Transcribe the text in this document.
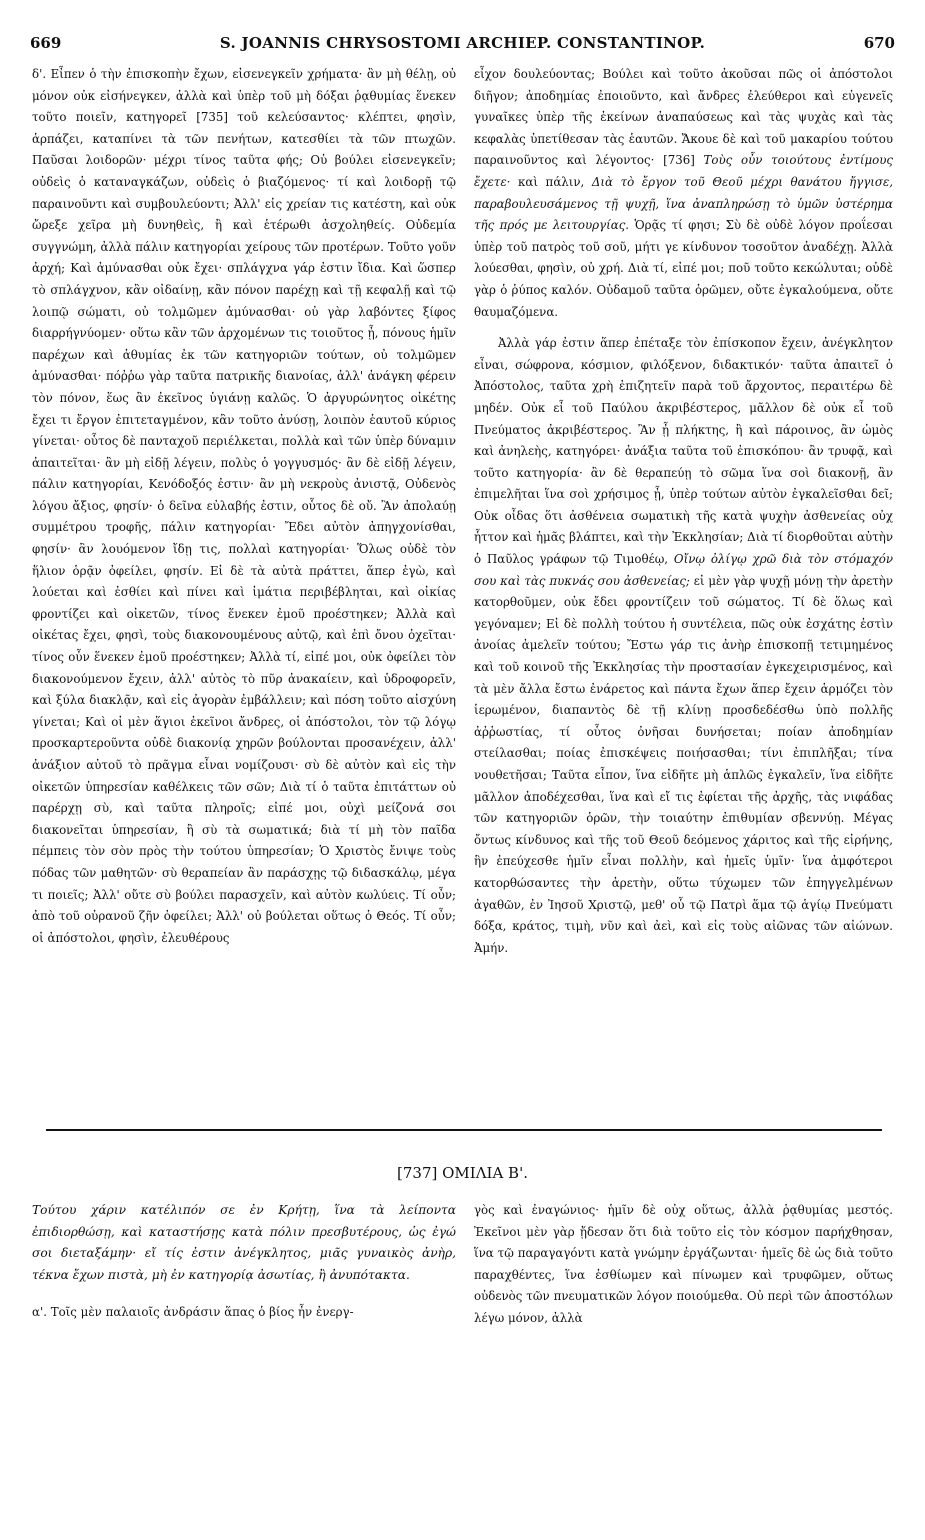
669	S. JOANNIS CHRYSOSTOMI ARCHIEP. CONSTANTINOP.	670

δ'. Εἶπεν ὁ τὴν ἐπισκοπὴν ἔχων, εἰσενεγκεῖν χρήματα· ἂν μὴ θέλῃ, οὐ μόνον οὐκ εἰσήνεγκεν, ἀλλὰ καὶ ὑπὲρ τοῦ μὴ δόξαι ῥᾳθυμίας ἕνεκεν τοῦτο ποιεῖν, κατηγορεῖ [735] τοῦ κελεύσαντος· κλέπτει, φησὶν, ἁρπάζει, καταπίνει τὰ τῶν πενήτων, κατεσθίει τὰ τῶν πτωχῶν. Παῦσαι λοιδορῶν· μέχρι τίνος ταῦτα φής; Οὐ βούλει εἰσενεγκεῖν; οὐδεὶς ὁ καταναγκάζων, οὐδεὶς ὁ βιαζόμενος· τί καὶ λοιδορῇ τῷ παραινοῦντι καὶ συμβουλεύοντι; Ἀλλ' εἰς χρείαν τις κατέστη, καὶ οὐκ ὤρεξε χεῖρα μὴ δυνηθεὶς, ἢ καὶ ἑτέρωθι ἀσχοληθείς. Οὐδεμία συγγνώμη, ἀλλὰ πάλιν κατηγορίαι χείρους τῶν προτέρων. Τοῦτο γοῦν ἀρχή; Καὶ ἀμύνασθαι οὐκ ἔχει· σπλάγχνα γάρ ἐστιν ἴδια. Καὶ ὥσπερ τὸ σπλάγχνον, κἂν οἰδαίνῃ, κἂν πόνον παρέχῃ καὶ τῇ κεφαλῇ καὶ τῷ λοιπῷ σώματι, οὐ τολμῶμεν ἀμύνασθαι· οὐ γὰρ λαβόντες ξίφος διαρρήγνύομεν· οὕτω κἂν τῶν ἀρχομένων τις τοιοῦτος ᾖ, πόνους ἡμῖν παρέχων καὶ ἀθυμίας ἐκ τῶν κατηγοριῶν τούτων, οὐ τολμῶμεν ἀμύνασθαι· πόῤῥω γὰρ ταῦτα πατρικῆς διανοίας, ἀλλ' ἀνάγκη φέρειν τὸν πόνον, ἕως ἂν ἐκεῖνος ὑγιάνῃ καλῶς. Ὁ ἀργυρώνητος οἰκέτης ἔχει τι ἔργον ἐπιτεταγμένον, κἂν τοῦτο ἀνύσῃ, λοιπὸν ἑαυτοῦ κύριος γίνεται· οὗτος δὲ πανταχοῦ περιέλκεται, πολλὰ καὶ τῶν ὑπὲρ δύναμιν ἀπαιτεῖται· ἂν μὴ εἰδῇ λέγειν, πολὺς ὁ γογγυσμός· ἂν δὲ εἰδῇ λέγειν, πάλιν κατηγορίαι, Κενόδοξός ἐστιν· ἂν μὴ νεκροὺς ἀνιστᾷ, Οὐδενὸς λόγου ἄξιος, φησίν· ὁ δεῖνα εὐλαβής ἐστιν, οὗτος δὲ οὔ. Ἂν ἀπολαύῃ συμμέτρου τροφῆς, πάλιν κατηγορίαι· Ἔδει αὐτὸν ἀπηγχονίσθαι, φησίν· ἂν λουόμενον ἴδῃ τις, πολλαὶ κατηγορίαι· Ὅλως οὐδὲ τὸν ἥλιον ὁρᾷν ὀφείλει, φησίν. Εἰ δὲ τὰ αὐτὰ πράττει, ἅπερ ἐγὼ, καὶ λούεται καὶ ἐσθίει καὶ πίνει καὶ ἱμάτια περιβέβληται, καὶ οἰκίας φροντίζει καὶ οἰκετῶν, τίνος ἕνεκεν ἐμοῦ προέστηκεν; Ἀλλὰ καὶ οἰκέτας ἔχει, φησὶ, τοὺς διακονουμένους αὐτῷ, καὶ ἐπὶ ὄνου ὀχεῖται· τίνος οὖν ἕνεκεν ἐμοῦ προέστηκεν; Ἀλλὰ τί, εἰπέ μοι, οὐκ ὀφείλει τὸν διακονούμενον ἔχειν, ἀλλ' αὐτὸς τὸ πῦρ ἀνακαίειν, καὶ ὑδροφορεῖν, καὶ ξύλα διακλᾷν, καὶ εἰς ἀγορὰν ἐμβάλλειν; καὶ πόση τοῦτο αἰσχύνη γίνεται; Καὶ οἱ μὲν ἅγιοι ἐκεῖνοι ἄνδρες, οἱ ἀπόστολοι, τὸν τῷ λόγῳ προσκαρτεροῦντα οὐδὲ διακονίᾳ χηρῶν βούλονται προσανέχειν, ἀλλ' ἀνάξιον αὐτοῦ τὸ πρᾶγμα εἶναι νομίζουσι· σὺ δὲ αὐτὸν καὶ εἰς τὴν οἰκετῶν ὑπηρεσίαν καθέλκεις τῶν σῶν; Διὰ τί ὁ ταῦτα ἐπιτάττων οὐ παρέρχῃ σὺ, καὶ ταῦτα πληροῖς; εἰπέ μοι, οὐχὶ μείζονά σοι διακονεῖται ὑπηρεσίαν, ἢ σὺ τὰ σωματικά; διὰ τί μὴ τὸν παῖδα πέμπεις τὸν σὸν πρὸς τὴν τούτου ὑπηρεσίαν; Ὁ Χριστὸς ἔνιψε τοὺς πόδας τῶν μαθητῶν· σὺ θεραπείαν ἂν παράσχῃς τῷ διδασκάλῳ, μέγα τι ποιεῖς; Ἀλλ' οὔτε σὺ βούλει παρασχεῖν, καὶ αὐτὸν κωλύεις. Τί οὖν; ἀπὸ τοῦ οὐρανοῦ ζῆν ὀφείλει; Ἀλλ' οὐ βούλεται οὕτως ὁ Θεός. Τί οὖν; οἱ ἀπόστολοι, φησὶν, ἐλευθέρους

εἶχον δουλεύοντας; Βούλει καὶ τοῦτο ἀκοῦσαι πῶς οἱ ἀπόστολοι διῆγον; ἀποδημίας ἐποιοῦντο, καὶ ἄνδρες ἐλεύθεροι καὶ εὐγενεῖς γυναῖκες ὑπὲρ τῆς ἐκείνων ἀναπαύσεως καὶ τὰς ψυχὰς καὶ τὰς κεφαλὰς ὑπετίθεσαν τὰς ἑαυτῶν. Ἄκουε δὲ καὶ τοῦ μακαρίου τούτου παραινοῦντος καὶ λέγοντος· [736] Τοὺς οὖν τοιούτους ἐντίμους ἔχετε· καὶ πάλιν, Διὰ τὸ ἔργον τοῦ Θεοῦ μέχρι θανάτου ἤγγισε, παραβουλευσάμενος τῇ ψυχῇ, ἵνα ἀναπληρώσῃ τὸ ὑμῶν ὑστέρημα τῆς πρός με λειτουργίας. Ὁρᾷς τί φησι; Σὺ δὲ οὐδὲ λόγον προΐεσαι ὑπὲρ τοῦ πατρὸς τοῦ σοῦ, μήτι γε κίνδυνον τοσοῦτον ἀναδέχῃ. Ἀλλὰ λούεσθαι, φησὶν, οὐ χρή. Διὰ τί, εἰπέ μοι; ποῦ τοῦτο κεκώλυται; οὐδὲ γὰρ ὁ ῥύπος καλόν. Οὐδαμοῦ ταῦτα ὁρῶμεν, οὔτε ἐγκαλούμενα, οὔτε θαυμαζόμενα.

Ἀλλὰ γάρ ἐστιν ἅπερ ἐπέταξε τὸν ἐπίσκοπον ἔχειν, ἀνέγκλητον εἶναι, σώφρονα, κόσμιον, φιλόξενον, διδακτικόν· ταῦτα ἀπαιτεῖ ὁ Ἀπόστολος, ταῦτα χρὴ ἐπιζητεῖν παρὰ τοῦ ἄρχοντος, περαιτέρω δὲ μηδέν. Οὐκ εἶ τοῦ Παύλου ἀκριβέστερος, μᾶλλον δὲ οὐκ εἶ τοῦ Πνεύματος ἀκριβέστερος. Ἂν ᾖ πλήκτης, ἢ καὶ πάροινος, ἂν ὠμὸς καὶ ἀνηλεὴς, κατηγόρει· ἀνάξια ταῦτα τοῦ ἐπισκόπου· ἂν τρυφᾷ, καὶ τοῦτο κατηγορία· ἂν δὲ θεραπεύῃ τὸ σῶμα ἵνα σοὶ διακονῇ, ἂν ἐπιμελῆται ἵνα σοὶ χρήσιμος ᾖ, ὑπὲρ τούτων αὐτὸν ἐγκαλεῖσθαι δεῖ; Οὐκ οἶδας ὅτι ἀσθένεια σωματικὴ τῆς κατὰ ψυχὴν ἀσθενείας οὐχ ἧττον καὶ ἡμᾶς βλάπτει, καὶ τὴν Ἐκκλησίαν; Διὰ τί διορθοῦται αὐτὴν ὁ Παῦλος γράφων τῷ Τιμοθέῳ, Οἴνῳ ὀλίγῳ χρῶ διὰ τὸν στόμαχόν σου καὶ τὰς πυκνάς σου ἀσθενείας; εἰ μὲν γὰρ ψυχῇ μόνῃ τὴν ἀρετὴν κατορθοῦμεν, οὐκ ἔδει φροντίζειν τοῦ σώματος. Τί δὲ ὅλως καὶ γεγόναμεν; Εἰ δὲ πολλὴ τούτου ἡ συντέλεια, πῶς οὐκ ἐσχάτης ἐστὶν ἀνοίας ἀμελεῖν τούτου; Ἔστω γάρ τις ἀνὴρ ἐπισκοπῇ τετιμημένος καὶ τοῦ κοινοῦ τῆς Ἐκκλησίας τὴν προστασίαν ἐγκεχειρισμένος, καὶ τὰ μὲν ἄλλα ἔστω ἐνάρετος καὶ πάντα ἔχων ἅπερ ἔχειν ἁρμόζει τὸν ἱερωμένον, διαπαντὸς δὲ τῇ κλίνῃ προσδεδέσθω ὑπὸ πολλῆς ἀῤῥωστίας, τί οὗτος ὀνῆσαι δυνήσεται; ποίαν ἀποδημίαν στείλασθαι; ποίας ἐπισκέψεις ποιήσασθαι; τίνι ἐπιπλῆξαι; τίνα νουθετῆσαι; Ταῦτα εἶπον, ἵνα εἰδῆτε μὴ ἁπλῶς ἐγκαλεῖν, ἵνα εἰδῆτε μᾶλλον ἀποδέχεσθαι, ἵνα καὶ εἴ τις ἐφίεται τῆς ἀρχῆς, τὰς νιφάδας τῶν κατηγοριῶν ὁρῶν, τὴν τοιαύτην ἐπιθυμίαν σβεννύῃ. Μέγας ὄντως κίνδυνος καὶ τῆς τοῦ Θεοῦ δεόμενος χάριτος καὶ τῆς εἰρήνης, ἣν ἐπεύχεσθε ἡμῖν εἶναι πολλὴν, καὶ ἡμεῖς ὑμῖν· ἵνα ἀμφότεροι κατορθώσαντες τὴν ἀρετὴν, οὕτω τύχωμεν τῶν ἐπηγγελμένων ἀγαθῶν, ἐν Ἰησοῦ Χριστῷ, μεθ' οὗ τῷ Πατρὶ ἅμα τῷ ἁγίῳ Πνεύματι δόξα, κράτος, τιμὴ, νῦν καὶ ἀεὶ, καὶ εἰς τοὺς αἰῶνας τῶν αἰώνων. Ἀμήν.

[737] ΟΜΙΛΙΑ Β'.

Τούτου χάριν κατέλιπόν σε ἐν Κρήτῃ, ἵνα τὰ λείποντα ἐπιδιορθώσῃ, καὶ καταστήσῃς κατὰ πόλιν πρεσβυτέρους, ὡς ἐγώ σοι διεταξάμην· εἴ τίς ἐστιν ἀνέγκλητος, μιᾶς γυναικὸς ἀνὴρ, τέκνα ἔχων πιστὰ, μὴ ἐν κατηγορίᾳ ἀσωτίας, ἢ ἀνυπότακτα.

α'. Τοῖς μὲν παλαιοῖς ἀνδράσιν ἅπας ὁ βίος ἦν ἐνεργ-

γὸς καὶ ἐναγώνιος· ἡμῖν δὲ οὐχ οὕτως, ἀλλὰ ῥᾳθυμίας μεστός. Ἐκεῖνοι μὲν γὰρ ᾔδεσαν ὅτι διὰ τοῦτο εἰς τὸν κόσμον παρήχθησαν, ἵνα τῷ παραγαγόντι κατὰ γνώμην ἐργάζωνται· ἡμεῖς δὲ ὡς διὰ τοῦτο παραχθέντες, ἵνα ἐσθίωμεν καὶ πίνωμεν καὶ τρυφῶμεν, οὕτως οὐδενὸς τῶν πνευματικῶν λόγον ποιούμεθα. Οὐ περὶ τῶν ἀποστόλων λέγω μόνον, ἀλλὰ
